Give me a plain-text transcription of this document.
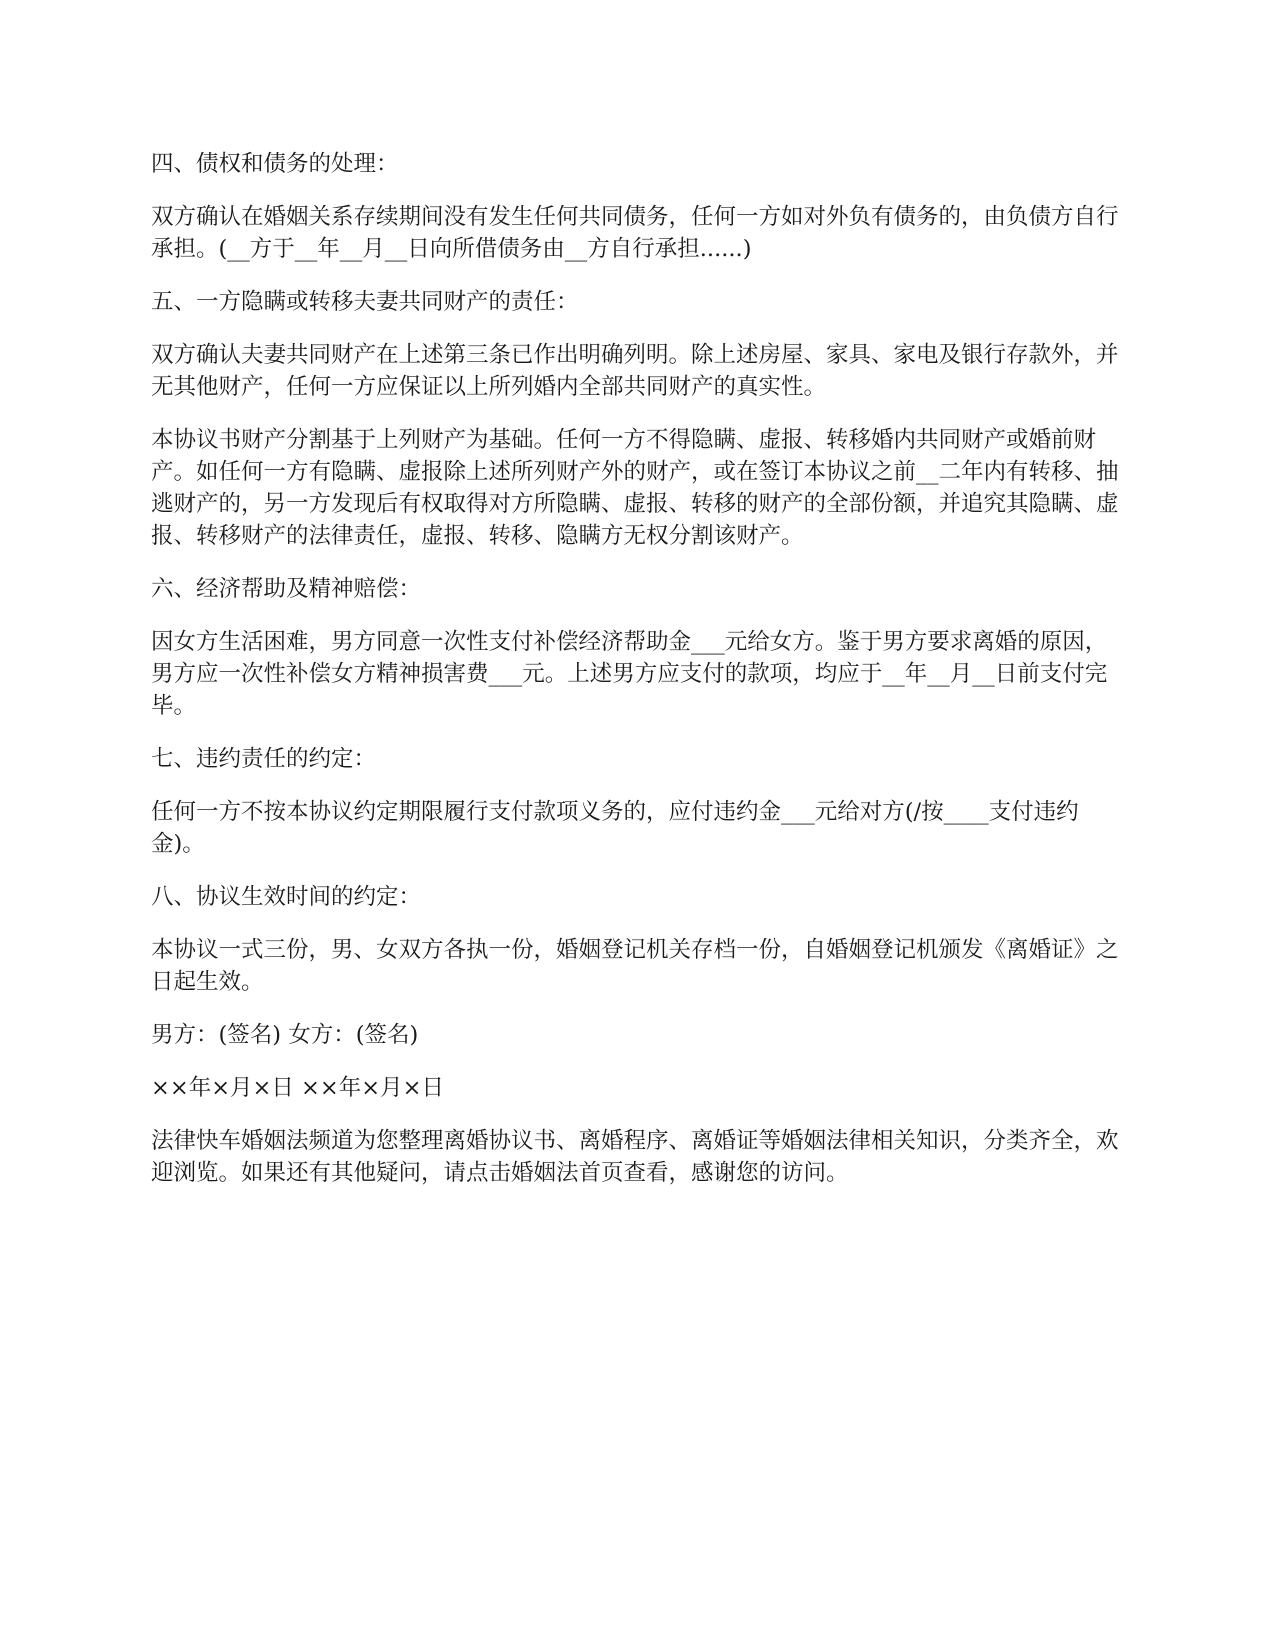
四、债权和债务的处理：

双方确认在婚姻关系存续期间没有发生任何共同债务，任何一方如对外负有债务的，由负债方自行承担。(__方于__年__月__日向所借债务由__方自行承担......)

五、一方隐瞒或转移夫妻共同财产的责任：

双方确认夫妻共同财产在上述第三条已作出明确列明。除上述房屋、家具、家电及银行存款外，并无其他财产，任何一方应保证以上所列婚内全部共同财产的真实性。

本协议书财产分割基于上列财产为基础。任何一方不得隐瞒、虚报、转移婚内共同财产或婚前财产。如任何一方有隐瞒、虚报除上述所列财产外的财产，或在签订本协议之前__二年内有转移、抽逃财产的，另一方发现后有权取得对方所隐瞒、虚报、转移的财产的全部份额，并追究其隐瞒、虚报、转移财产的法律责任，虚报、转移、隐瞒方无权分割该财产。

六、经济帮助及精神赔偿：

因女方生活困难，男方同意一次性支付补偿经济帮助金___元给女方。鉴于男方要求离婚的原因，男方应一次性补偿女方精神损害费___元。上述男方应支付的款项，均应于__年__月__日前支付完毕。

七、违约责任的约定：

任何一方不按本协议约定期限履行支付款项义务的，应付违约金___元给对方(/按____支付违约金)。

八、协议生效时间的约定：

本协议一式三份，男、女双方各执一份，婚姻登记机关存档一份，自婚姻登记机颁发《离婚证》之日起生效。

男方：(签名) 女方：(签名)

××年×月×日 ××年×月×日

法律快车婚姻法频道为您整理离婚协议书、离婚程序、离婚证等婚姻法律相关知识，分类齐全，欢迎浏览。如果还有其他疑问，请点击婚姻法首页查看，感谢您的访问。
